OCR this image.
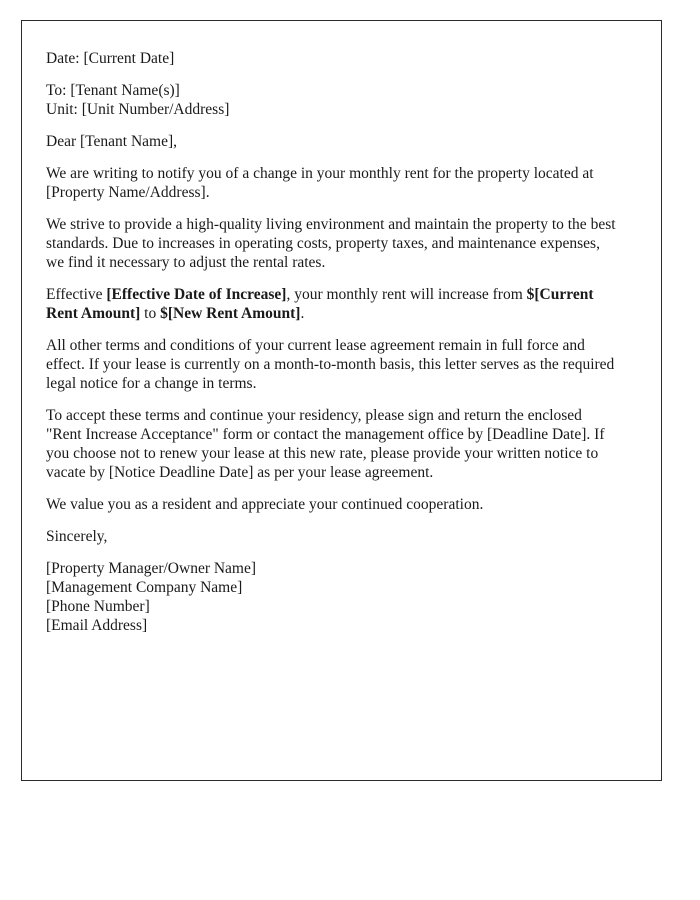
Date: [Current Date]

To: [Tenant Name(s)]
Unit: [Unit Number/Address]

Dear [Tenant Name],

We are writing to notify you of a change in your monthly rent for the property located at [Property Name/Address].

We strive to provide a high-quality living environment and maintain the property to the best standards. Due to increases in operating costs, property taxes, and maintenance expenses, we find it necessary to adjust the rental rates.

Effective [Effective Date of Increase], your monthly rent will increase from $[Current Rent Amount] to $[New Rent Amount].

All other terms and conditions of your current lease agreement remain in full force and effect. If your lease is currently on a month-to-month basis, this letter serves as the required legal notice for a change in terms.

To accept these terms and continue your residency, please sign and return the enclosed "Rent Increase Acceptance" form or contact the management office by [Deadline Date]. If you choose not to renew your lease at this new rate, please provide your written notice to vacate by [Notice Deadline Date] as per your lease agreement.

We value you as a resident and appreciate your continued cooperation.

Sincerely,

[Property Manager/Owner Name]
[Management Company Name]
[Phone Number]
[Email Address]
